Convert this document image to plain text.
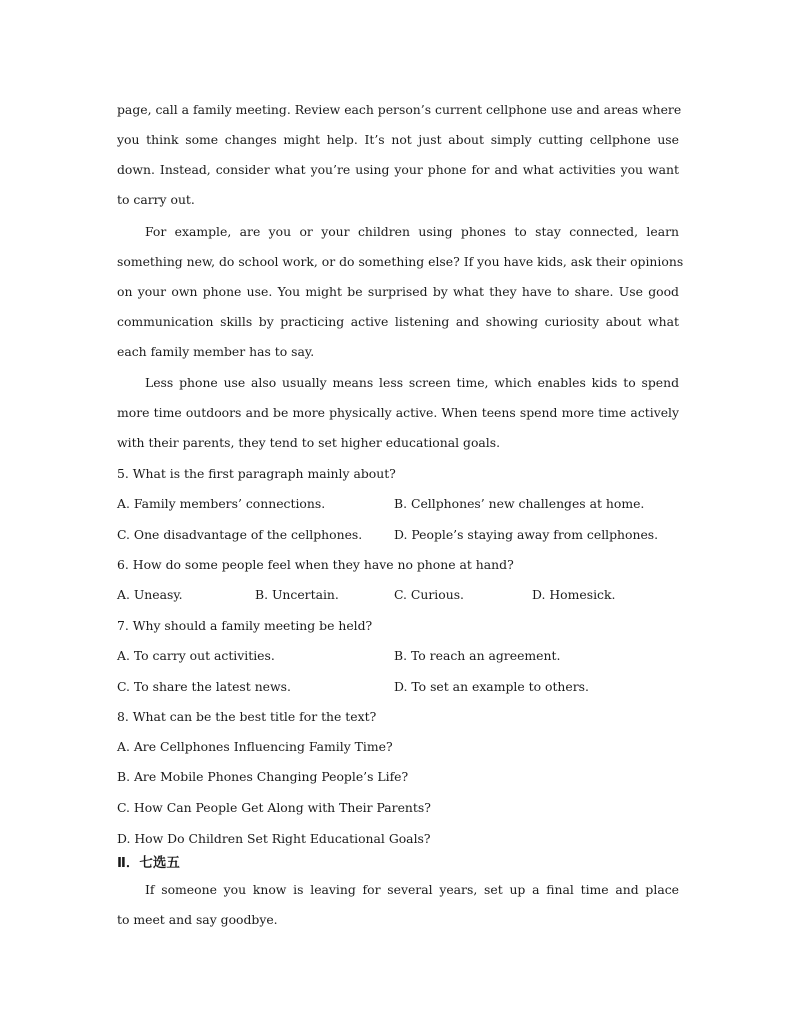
page, call a family meeting. Review each person’s current cellphone use and areas where
you think some changes might help. It’s not just about simply cutting cellphone use
down. Instead, consider what you’re using your phone for and what activities you want
to carry out.
For example, are you or your children using phones to stay connected, learn
something new, do school work, or do something else? If you have kids, ask their opinions
on your own phone use. You might be surprised by what they have to share. Use good
communication skills by practicing active listening and showing curiosity about what
each family member has to say.
Less phone use also usually means less screen time, which enables kids to spend
more time outdoors and be more physically active. When teens spend more time actively
with their parents, they tend to set higher educational goals.
5. What is the first paragraph mainly about?
A. Family members’ connections.	B. Cellphones’ new challenges at home.
C. One disadvantage of the cellphones.	D. People’s staying away from cellphones.
6. How do some people feel when they have no phone at hand?
A. Uneasy.	B. Uncertain.	C. Curious.	D. Homesick.
7. Why should a family meeting be held?
A. To carry out activities.	B. To reach an agreement.
C. To share the latest news.	D. To set an example to others.
8. What can be the best title for the text?
A. Are Cellphones Influencing Family Time?
B. Are Mobile Phones Changing People’s Life?
C. How Can People Get Along with Their Parents?
D. How Do Children Set Right Educational Goals?
Ⅱ．七选五
If someone you know is leaving for several years, set up a final time and place
to meet and say goodbye.
